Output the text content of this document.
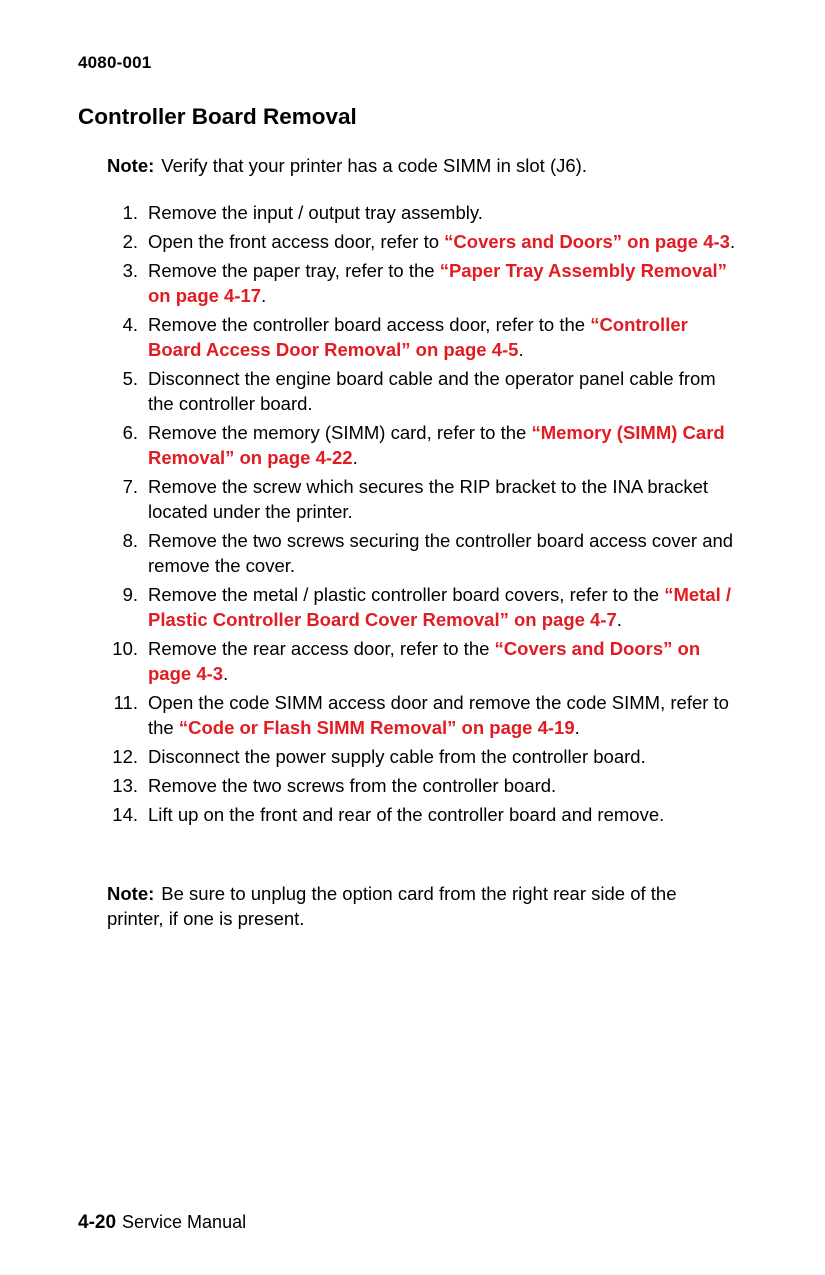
4080-001
Controller Board Removal
Note: Verify that your printer has a code SIMM in slot (J6).
1. Remove the input / output tray assembly.
2. Open the front access door, refer to “Covers and Doors” on page 4-3.
3. Remove the paper tray, refer to the “Paper Tray Assembly Removal” on page 4-17.
4. Remove the controller board access door, refer to the “Controller Board Access Door Removal” on page 4-5.
5. Disconnect the engine board cable and the operator panel cable from the controller board.
6. Remove the memory (SIMM) card, refer to the “Memory (SIMM) Card Removal” on page 4-22.
7. Remove the screw which secures the RIP bracket to the INA bracket located under the printer.
8. Remove the two screws securing the controller board access cover and remove the cover.
9. Remove the metal / plastic controller board covers, refer to the “Metal / Plastic Controller Board Cover Removal” on page 4-7.
10. Remove the rear access door, refer to the “Covers and Doors” on page 4-3.
11. Open the code SIMM access door and remove the code SIMM, refer to the “Code or Flash SIMM Removal” on page 4-19.
12. Disconnect the power supply cable from the controller board.
13. Remove the two screws from the controller board.
14. Lift up on the front and rear of the controller board and remove.
Note: Be sure to unplug the option card from the right rear side of the printer, if one is present.
4-20 Service Manual
